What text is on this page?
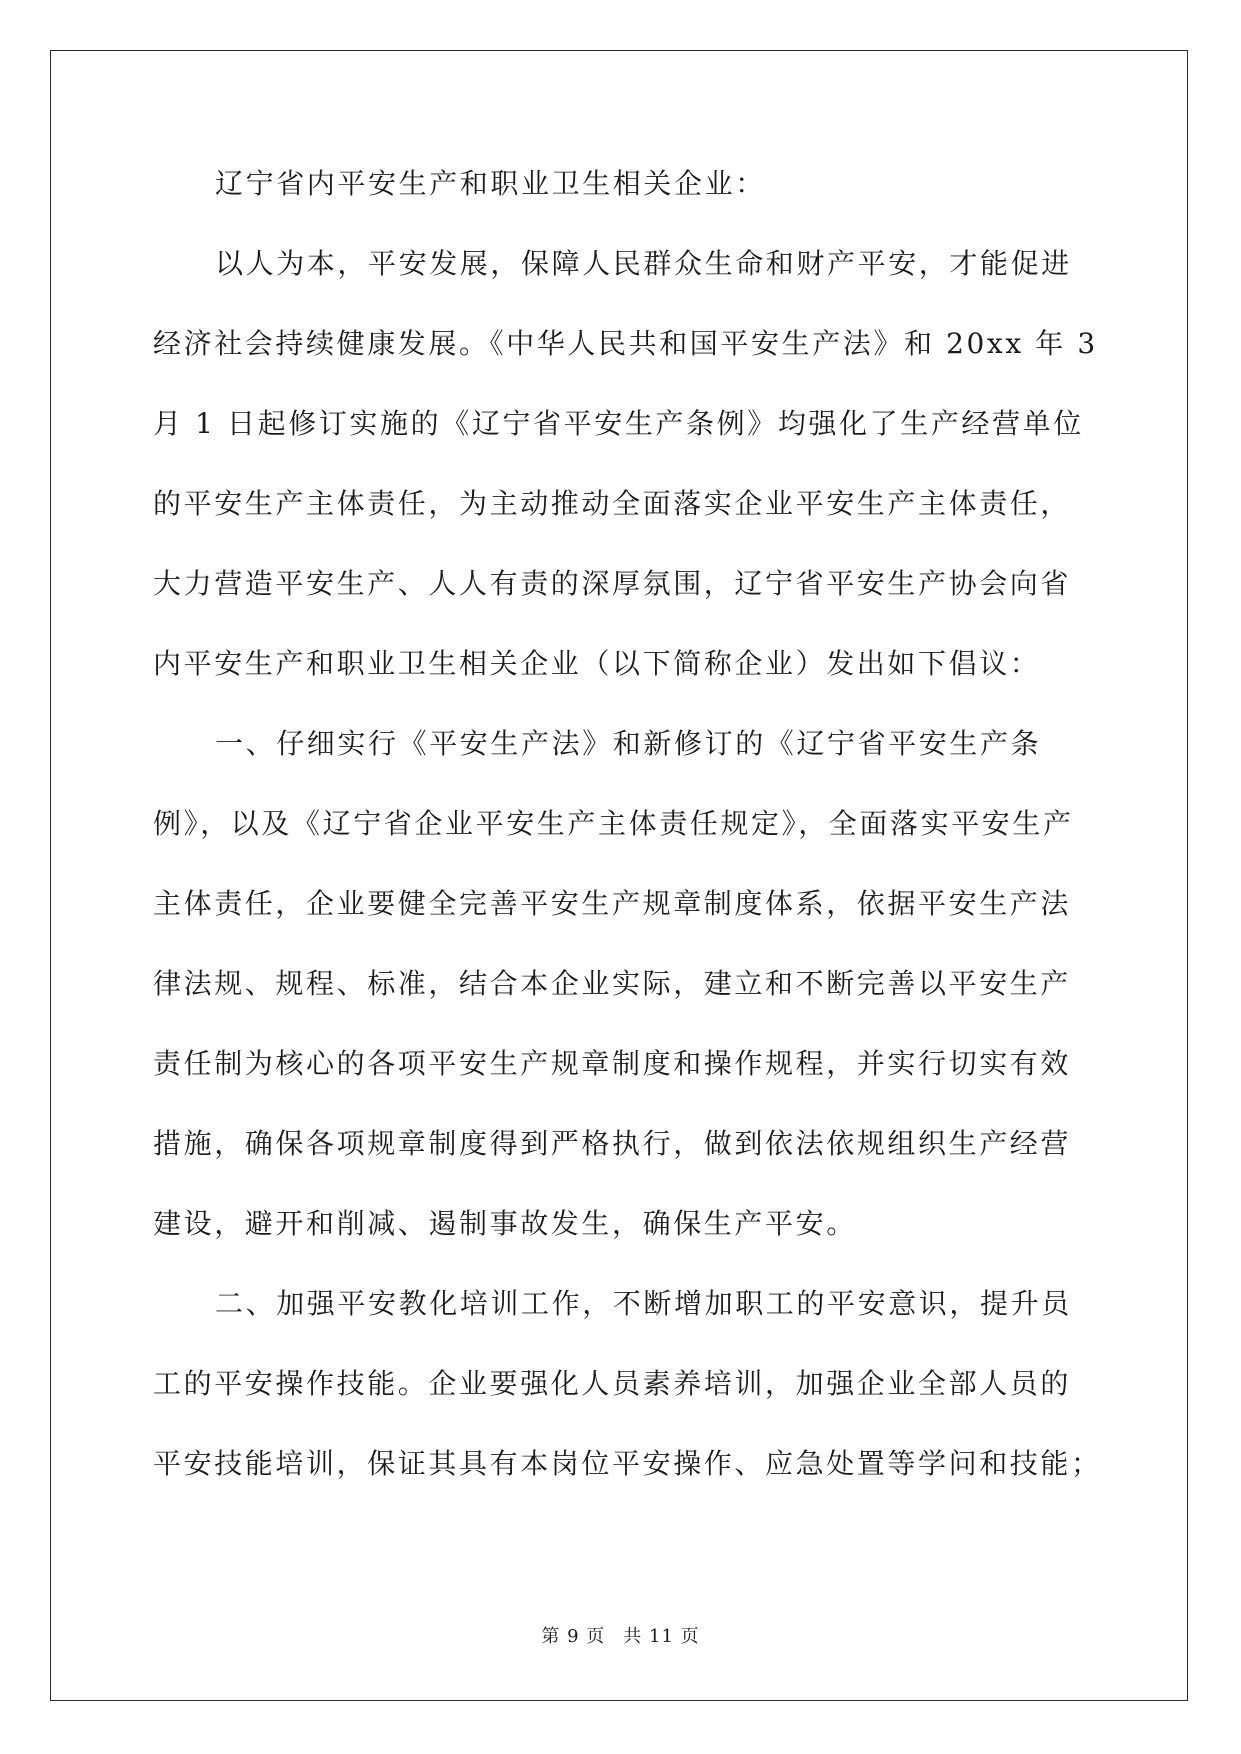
辽宁省内平安生产和职业卫生相关企业：
以人为本，平安发展，保障人民群众生命和财产平安，才能促进
经济社会持续健康发展。《中华人民共和国平安生产法》和 20xx 年 3
月 1 日起修订实施的《辽宁省平安生产条例》均强化了生产经营单位
的平安生产主体责任，为主动推动全面落实企业平安生产主体责任，
大力营造平安生产、人人有责的深厚氛围，辽宁省平安生产协会向省
内平安生产和职业卫生相关企业（以下简称企业）发出如下倡议：
一、仔细实行《平安生产法》和新修订的《辽宁省平安生产条
例》，以及《辽宁省企业平安生产主体责任规定》，全面落实平安生产
主体责任，企业要健全完善平安生产规章制度体系，依据平安生产法
律法规、规程、标准，结合本企业实际，建立和不断完善以平安生产
责任制为核心的各项平安生产规章制度和操作规程，并实行切实有效
措施，确保各项规章制度得到严格执行，做到依法依规组织生产经营
建设，避开和削减、遏制事故发生，确保生产平安。
二、加强平安教化培训工作，不断增加职工的平安意识，提升员
工的平安操作技能。企业要强化人员素养培训，加强企业全部人员的
平安技能培训，保证其具有本岗位平安操作、应急处置等学问和技能；
第 9 页 共 11 页
